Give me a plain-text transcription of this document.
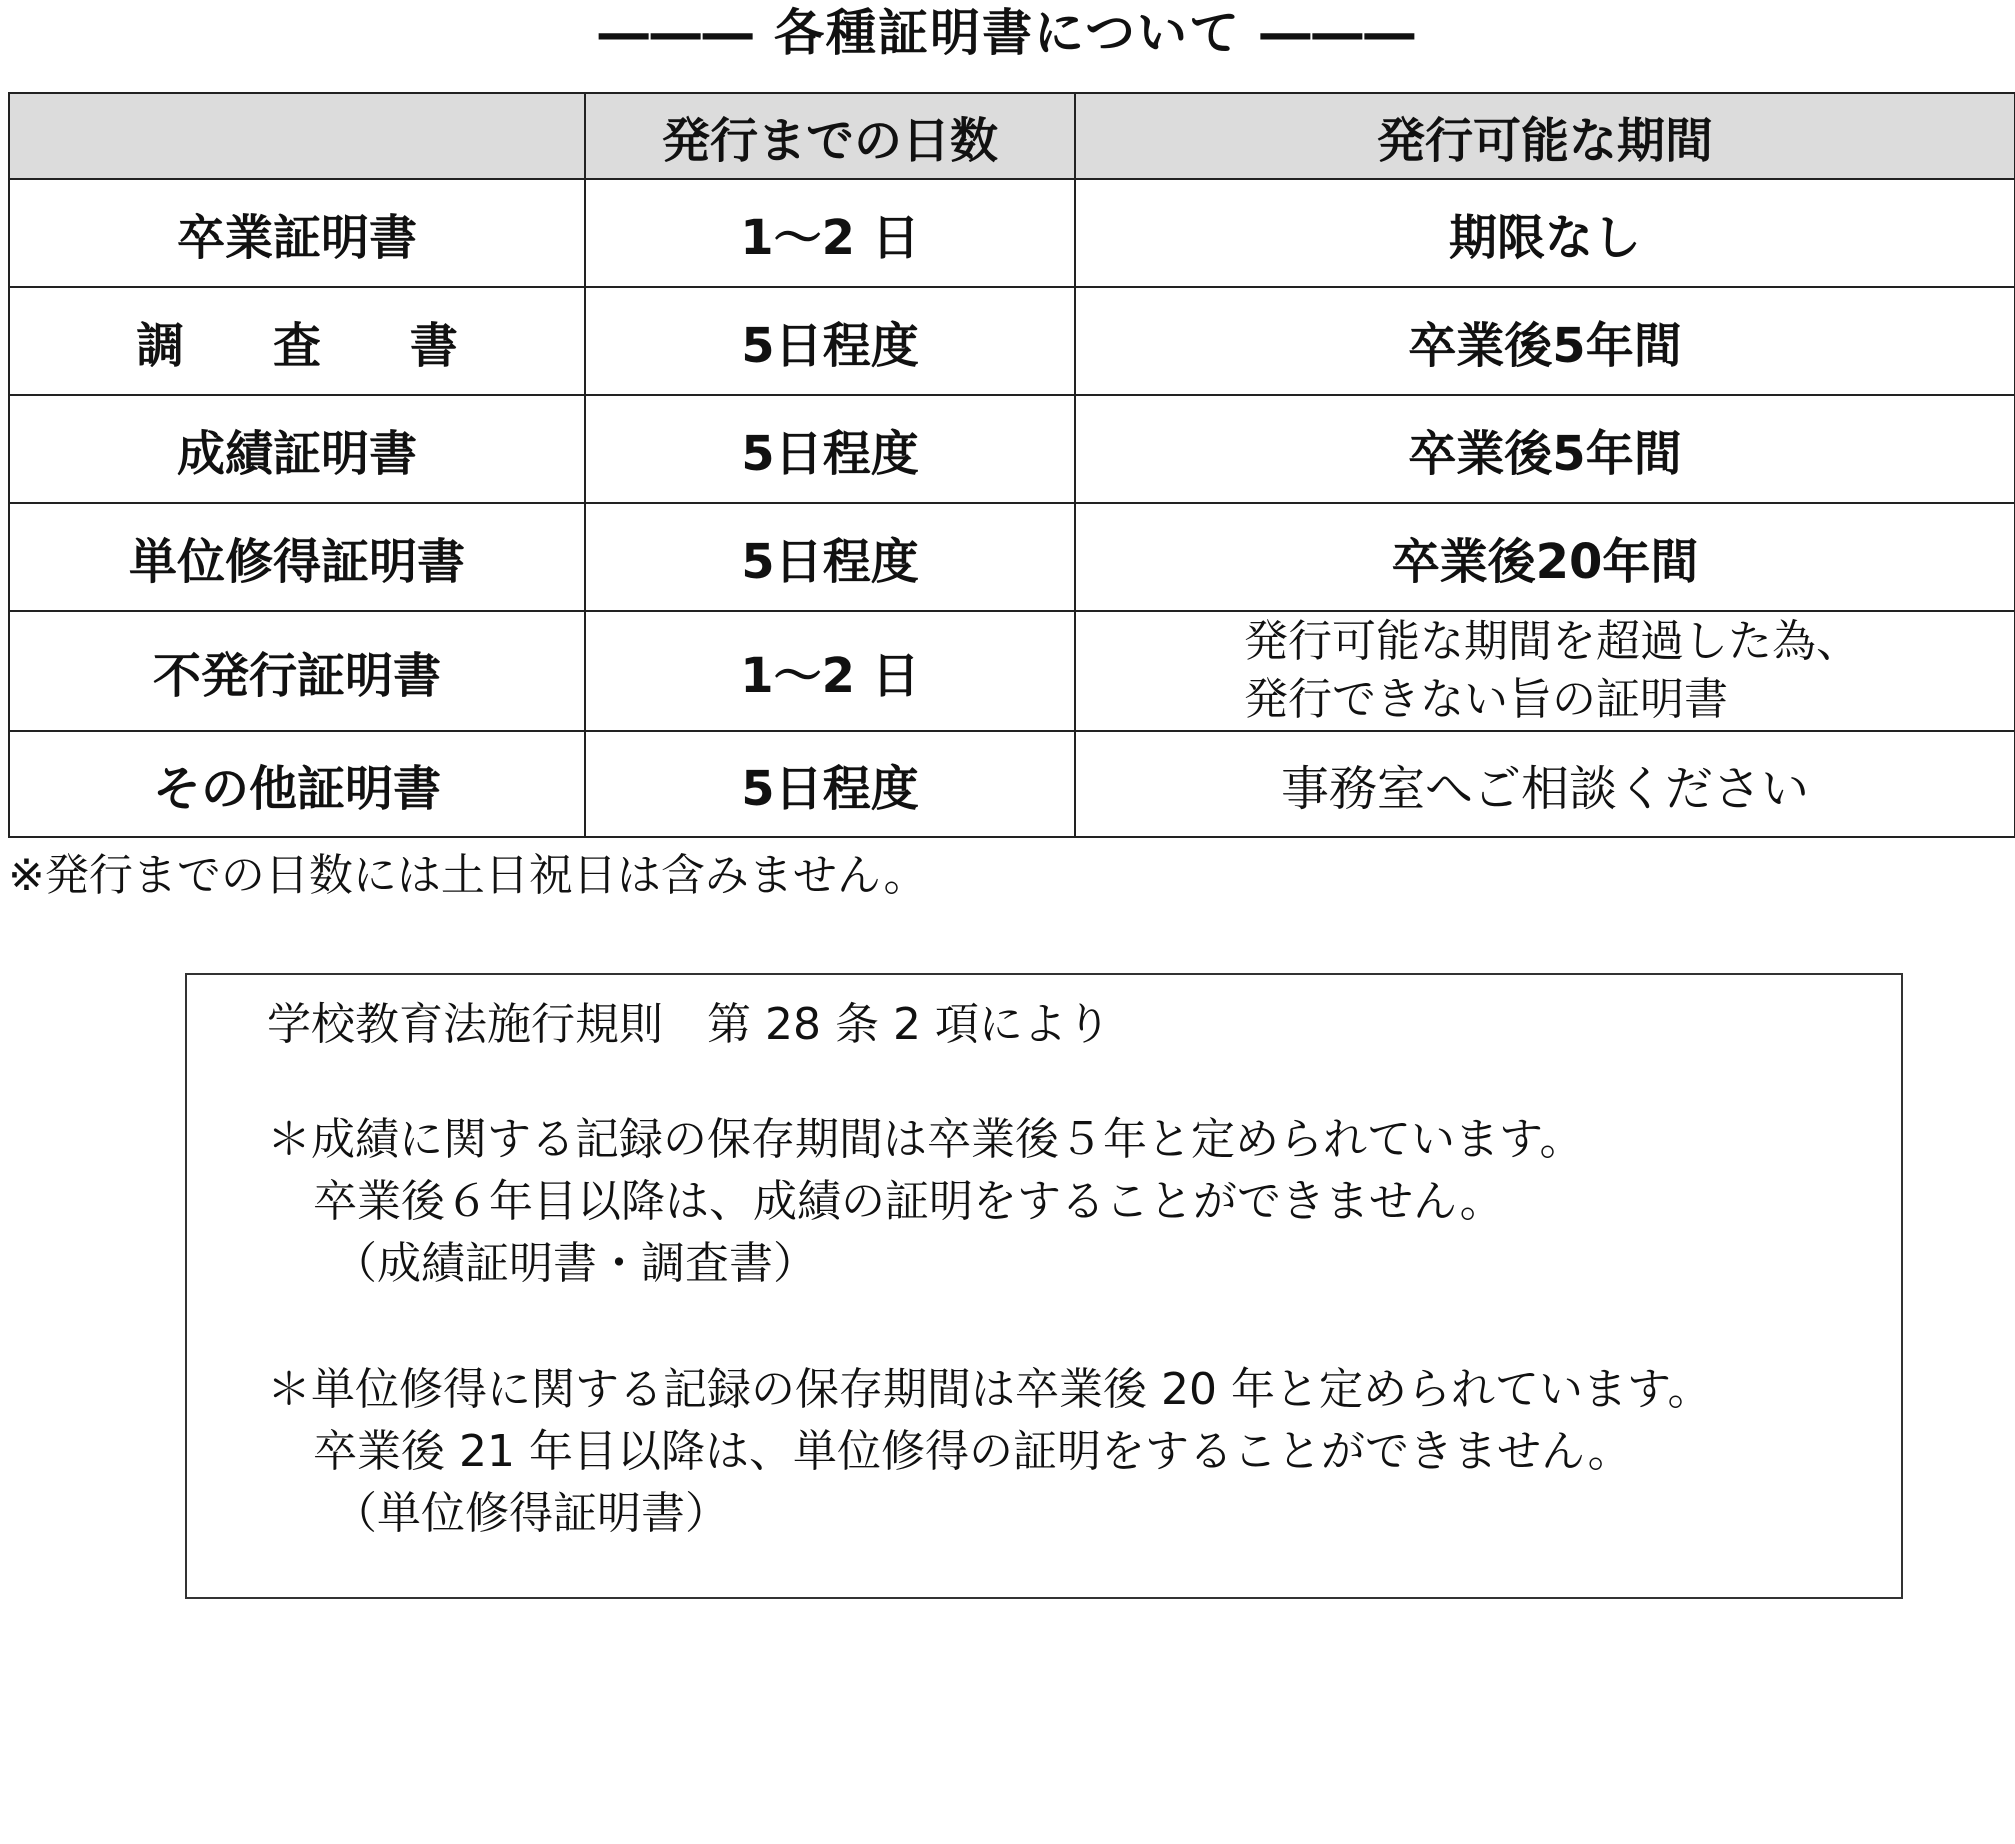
――― 各種証明書について ―――
	発行までの日数	発行可能な期間
卒業証明書	1～2 日	期限なし
調 査 書	5日程度	卒業後5年間
成績証明書	5日程度	卒業後5年間
単位修得証明書	5日程度	卒業後20年間
不発行証明書	1～2 日	発行可能な期間を超過した為、
発行できない旨の証明書

その他証明書	5日程度	事務室へご相談ください
※発行までの日数には土日祝日は含みません。
学校教育法施行規則　第 28 条 2 項により
＊成績に関する記録の保存期間は卒業後５年と定められています。
卒業後６年目以降は、成績の証明をすることができません。
（成績証明書・調査書）
＊単位修得に関する記録の保存期間は卒業後 20 年と定められています。
卒業後 21 年目以降は、単位修得の証明をすることができません。
（単位修得証明書）
